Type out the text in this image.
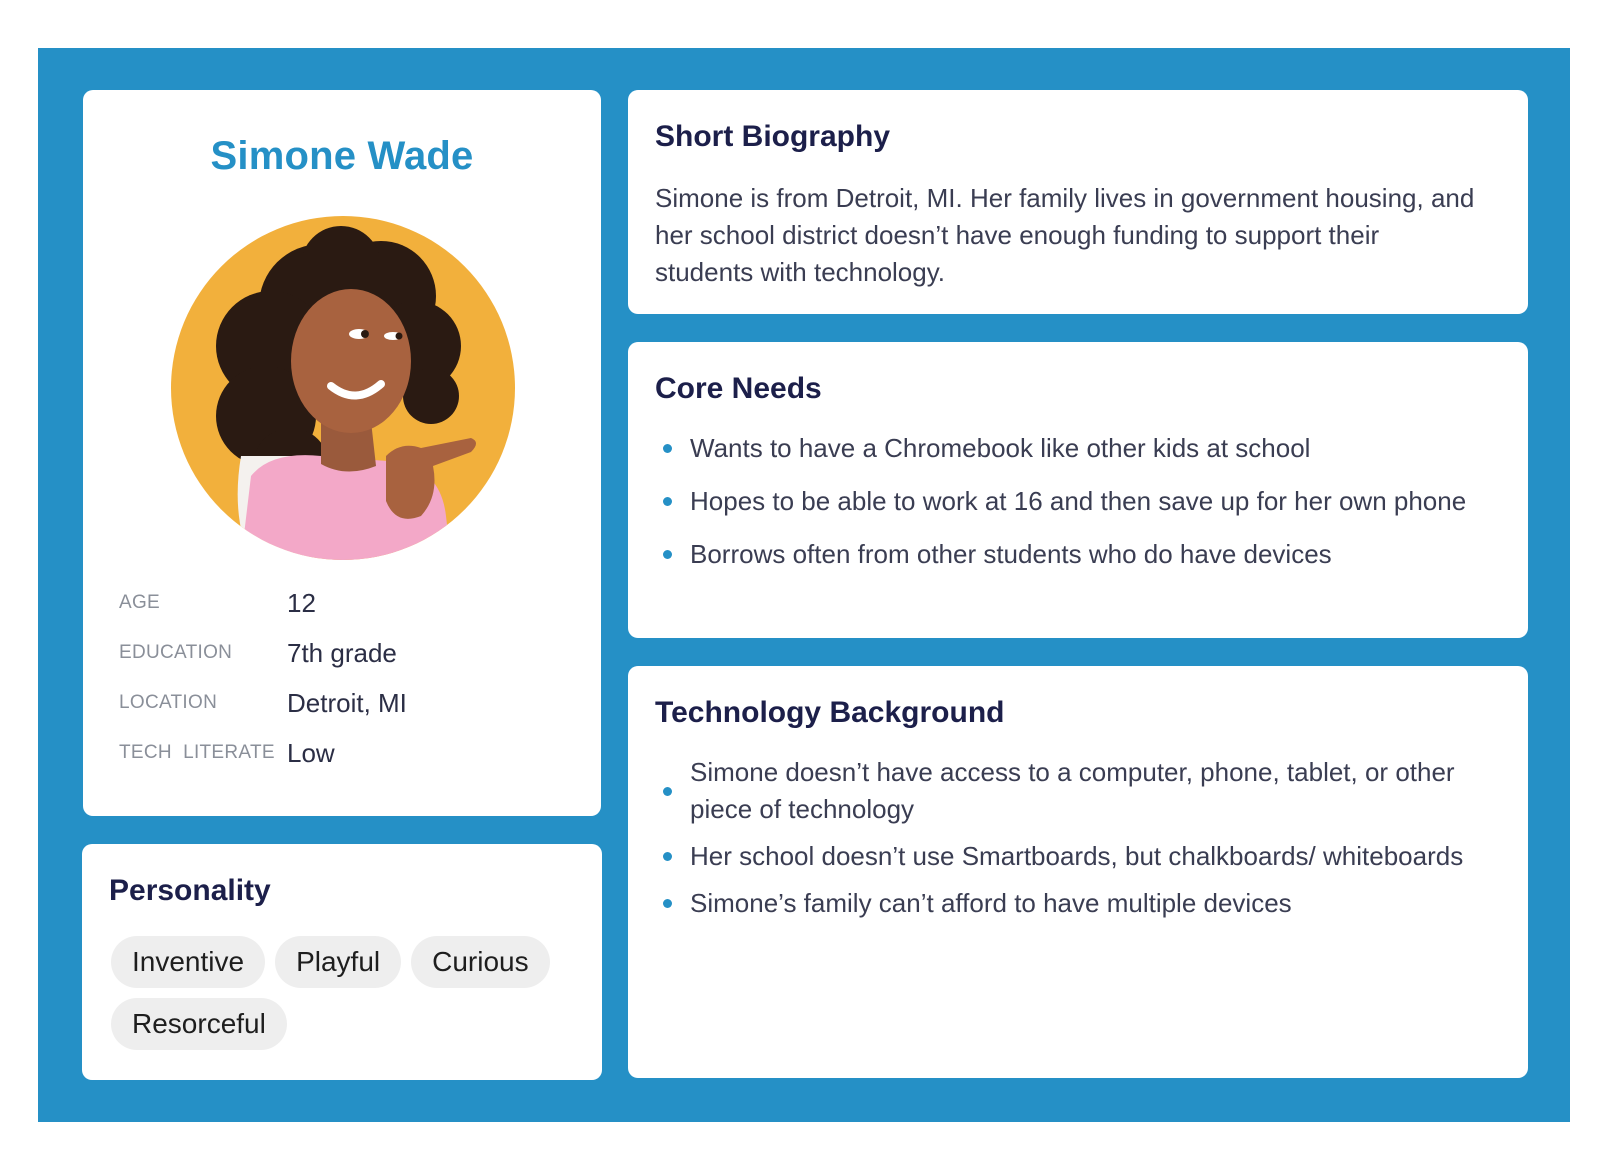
Simone Wade
AGE	12
EDUCATION	7th grade
LOCATION	Detroit, MI
TECH  LITERATE Low
Personality
Inventive	Playful	Curious
Resorceful
Short Biography
Simone is from Detroit, MI. Her family lives in government housing, and her school district doesn’t have enough funding to support their students with technology.
Core Needs
Wants to have a Chromebook like other kids at school
Hopes to be able to work at 16 and then save up for her own phone
Borrows often from other students who do have devices
Technology Background
Simone doesn’t have access to a computer, phone, tablet, or other piece of technology
Her school doesn’t use Smartboards, but chalkboards/ whiteboards
Simone’s family can’t afford to have multiple devices
